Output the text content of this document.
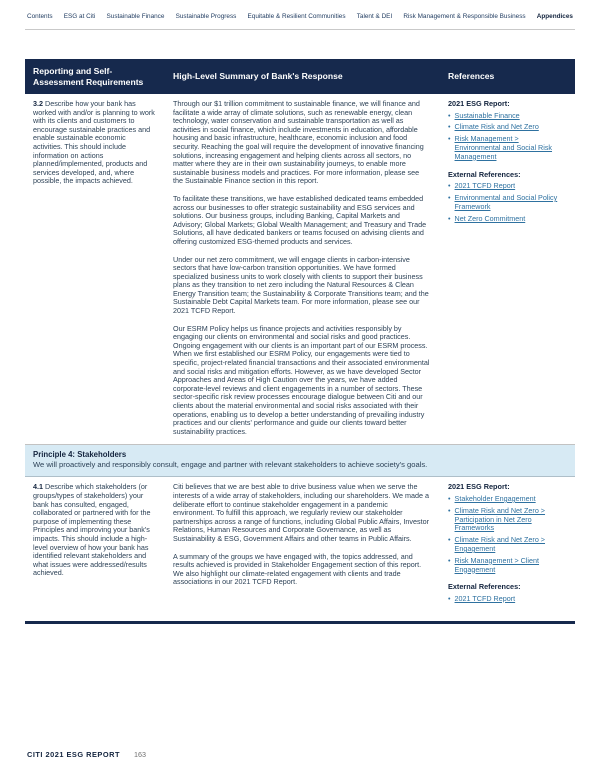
Contents ESG at Citi Sustainable Finance Sustainable Progress Equitable & Resilient Communities Talent & DEI Risk Management & Responsible Business Appendices
Reporting and Self-Assessment Requirements
High-Level Summary of Bank's Response	References
3.2 Describe how your bank has worked with and/or is planning to work with its clients and customers to encourage sustainable practices and enable sustainable economic activities. This should include information on actions planned/implemented, products and services developed, and, where possible, the impacts achieved.

Through our $1 trillion commitment to sustainable finance, we will finance and facilitate a wide array of climate solutions, such as renewable energy, clean technology, water conservation and sustainable transportation as well as activities in social finance, which include investments in education, affordable housing and basic infrastructure, healthcare, economic inclusion and food security. Reaching the goal will require the development of innovative financing solutions, increasing engagement and helping clients across all sectors, no matter where they are in their own sustainability journeys, to enable more sustainable business models and practices. For more information, please see the Sustainable Finance section in this report.

To facilitate these transitions, we have established dedicated teams embedded across our businesses to offer strategic sustainability and ESG services and solutions. Our business groups, including Banking, Capital Markets and Advisory; Global Markets; Global Wealth Management; and Treasury and Trade Solutions, all have dedicated bankers or teams focused on advising clients and offering customized ESG-themed products and services.

Under our net zero commitment, we will engage clients in carbon-intensive sectors that have low-carbon transition opportunities. We have formed specialized business units to work closely with clients to support their business plans as they transition to net zero including the Natural Resources & Clean Energy Transition team; the Sustainability & Corporate Transitions team; and the Sustainable Debt Capital Markets team. For more information, please see our 2021 TCFD Report.

Our ESRM Policy helps us finance projects and activities responsibly by engaging our clients on environmental and social risks and good practices. Ongoing engagement with our clients is an important part of our ESRM process. When we first established our ESRM Policy, our engagements were tied to specific, project-related financial transactions and their associated environmental and social risks and mitigation efforts. However, as we have developed Sector Approaches and Areas of High Caution over the years, we have added corporate-level reviews and client engagements in a number of sectors. These sector-specific risk review processes encourage dialogue between Citi and our clients about the material environmental and social risks associated with their operations, enabling us to develop a better understanding of prevailing industry practices and our clients' performance and guide our clients toward better sustainability practices.

2021 ESG Report:
• Sustainable Finance
• Climate Risk and Net Zero
• Risk Management > Environmental and Social Risk Management
External References:
• 2021 TCFD Report
• Environmental and Social Policy Framework
• Net Zero Commitment
Principle 4: Stakeholders
We will proactively and responsibly consult, engage and partner with relevant stakeholders to achieve society's goals.
4.1 Describe which stakeholders (or groups/types of stakeholders) your bank has consulted, engaged, collaborated or partnered with for the purpose of implementing these Principles and improving your bank's impacts. This should include a high-level overview of how your bank has identified relevant stakeholders and what issues were addressed/results achieved.

Citi believes that we are best able to drive business value when we serve the interests of a wide array of stakeholders, including our shareholders. We made a deliberate effort to continue stakeholder engagement in a pandemic environment. To fulfill this approach, we regularly review our stakeholder partnerships across a range of functions, including Global Public Affairs, Investor Relations, Human Resources and Corporate Governance, as well as Sustainability & ESG, Government Affairs and other teams in Public Affairs.

A summary of the groups we have engaged with, the topics addressed, and results achieved is provided in Stakeholder Engagement section of this report. We also highlight our climate-related engagement with clients and trade associations in our 2021 TCFD Report.

2021 ESG Report:
• Stakeholder Engagement
• Climate Risk and Net Zero > Participation in Net Zero Frameworks
• Climate Risk and Net Zero > Engagement
• Risk Management > Client Engagement
External References:
• 2021 TCFD Report
CITI 2021 ESG REPORT 163
